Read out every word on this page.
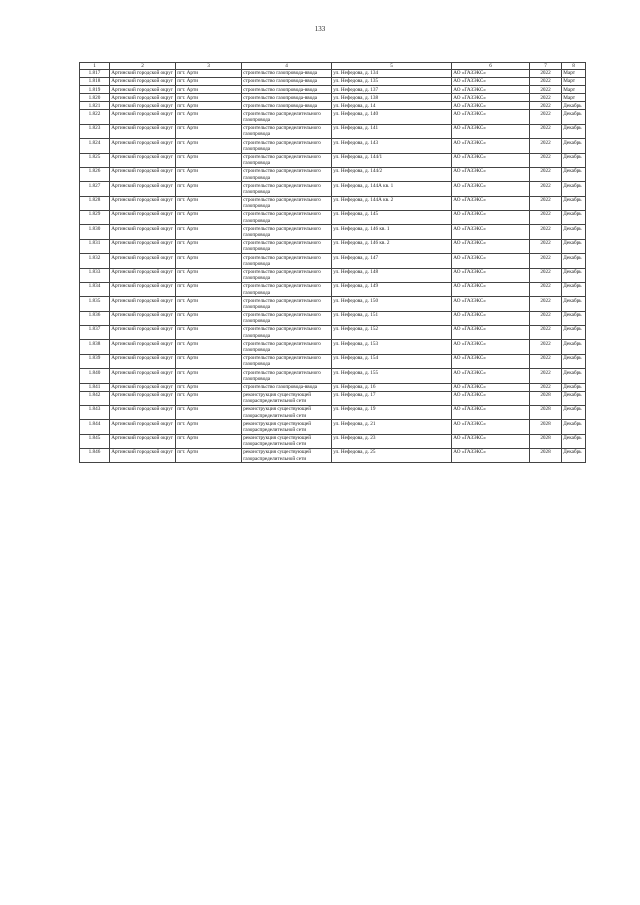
133
1	2	3	4	5	6	7	8
1.817	Артинский городской округ	пгт. Арти	строительство газопровода-ввода	ул. Нефедова, д. 134	АО «ГАЗЭКС»	2022	Март
1.818	Артинский городской округ	пгт. Арти	строительство газопровода-ввода	ул. Нефедова, д. 135	АО «ГАЗЭКС»	2022	Март
1.819	Артинский городской округ	пгт. Арти	строительство газопровода-ввода	ул. Нефедова, д. 137	АО «ГАЗЭКС»	2022	Март
1.820	Артинский городской округ	пгт. Арти	строительство газопровода-ввода	ул. Нефедова, д. 138	АО «ГАЗЭКС»	2022	Март
1.821	Артинский городской округ	пгт. Арти	строительство газопровода-ввода	ул. Нефедова, д. 14	АО «ГАЗЭКС»	2022	Декабрь
1.822	Артинский городской округ	пгт. Арти	строительство распределительного газопровода	ул. Нефедова, д. 140	АО «ГАЗЭКС»	2022	Декабрь
1.823	Артинский городской округ	пгт. Арти	строительство распределительного газопровода	ул. Нефедова, д. 141	АО «ГАЗЭКС»	2022	Декабрь
1.824	Артинский городской округ	пгт. Арти	строительство распределительного газопровода	ул. Нефедова, д. 143	АО «ГАЗЭКС»	2022	Декабрь
1.825	Артинский городской округ	пгт. Арти	строительство распределительного газопровода	ул. Нефедова, д. 144/1	АО «ГАЗЭКС»	2022	Декабрь
1.826	Артинский городской округ	пгт. Арти	строительство распределительного газопровода	ул. Нефедова, д. 144/2	АО «ГАЗЭКС»	2022	Декабрь
1.827	Артинский городской округ	пгт. Арти	строительство распределительного газопровода	ул. Нефедова, д. 144А кв. 1	АО «ГАЗЭКС»	2022	Декабрь
1.828	Артинский городской округ	пгт. Арти	строительство распределительного газопровода	ул. Нефедова, д. 144А кв. 2	АО «ГАЗЭКС»	2022	Декабрь
1.829	Артинский городской округ	пгт. Арти	строительство распределительного газопровода	ул. Нефедова, д. 145	АО «ГАЗЭКС»	2022	Декабрь
1.830	Артинский городской округ	пгт. Арти	строительство распределительного газопровода	ул. Нефедова, д. 146 кв. 1	АО «ГАЗЭКС»	2022	Декабрь
1.831	Артинский городской округ	пгт. Арти	строительство распределительного газопровода	ул. Нефедова, д. 146 кв. 2	АО «ГАЗЭКС»	2022	Декабрь
1.832	Артинский городской округ	пгт. Арти	строительство распределительного газопровода	ул. Нефедова, д. 147	АО «ГАЗЭКС»	2022	Декабрь
1.833	Артинский городской округ	пгт. Арти	строительство распределительного газопровода	ул. Нефедова, д. 148	АО «ГАЗЭКС»	2022	Декабрь
1.834	Артинский городской округ	пгт. Арти	строительство распределительного газопровода	ул. Нефедова, д. 149	АО «ГАЗЭКС»	2022	Декабрь
1.835	Артинский городской округ	пгт. Арти	строительство распределительного газопровода	ул. Нефедова, д. 150	АО «ГАЗЭКС»	2022	Декабрь
1.836	Артинский городской округ	пгт. Арти	строительство распределительного газопровода	ул. Нефедова, д. 151	АО «ГАЗЭКС»	2022	Декабрь
1.837	Артинский городской округ	пгт. Арти	строительство распределительного газопровода	ул. Нефедова, д. 152	АО «ГАЗЭКС»	2022	Декабрь
1.838	Артинский городской округ	пгт. Арти	строительство распределительного газопровода	ул. Нефедова, д. 153	АО «ГАЗЭКС»	2022	Декабрь
1.839	Артинский городской округ	пгт. Арти	строительство распределительного газопровода	ул. Нефедова, д. 154	АО «ГАЗЭКС»	2022	Декабрь
1.840	Артинский городской округ	пгт. Арти	строительство распределительного газопровода	ул. Нефедова, д. 155	АО «ГАЗЭКС»	2022	Декабрь
1.841	Артинский городской округ	пгт. Арти	строительство газопровода-ввода	ул. Нефедова, д. 16	АО «ГАЗЭКС»	2022	Декабрь
1.842	Артинский городской округ	пгт. Арти	реконструкция существующей газораспределительной сети	ул. Нефедова, д. 17	АО «ГАЗЭКС»	2028	Декабрь
1.843	Артинский городской округ	пгт. Арти	реконструкция существующей газораспределительной сети	ул. Нефедова, д. 19	АО «ГАЗЭКС»	2028	Декабрь
1.844	Артинский городской округ	пгт. Арти	реконструкция существующей газораспределительной сети	ул. Нефедова, д. 21	АО «ГАЗЭКС»	2028	Декабрь
1.845	Артинский городской округ	пгт. Арти	реконструкция существующей газораспределительной сети	ул. Нефедова, д. 23	АО «ГАЗЭКС»	2028	Декабрь
1.846	Артинский городской округ	пгт. Арти	реконструкция существующей газораспределительной сети	ул. Нефедова, д. 25	АО «ГАЗЭКС»	2028	Декабрь
